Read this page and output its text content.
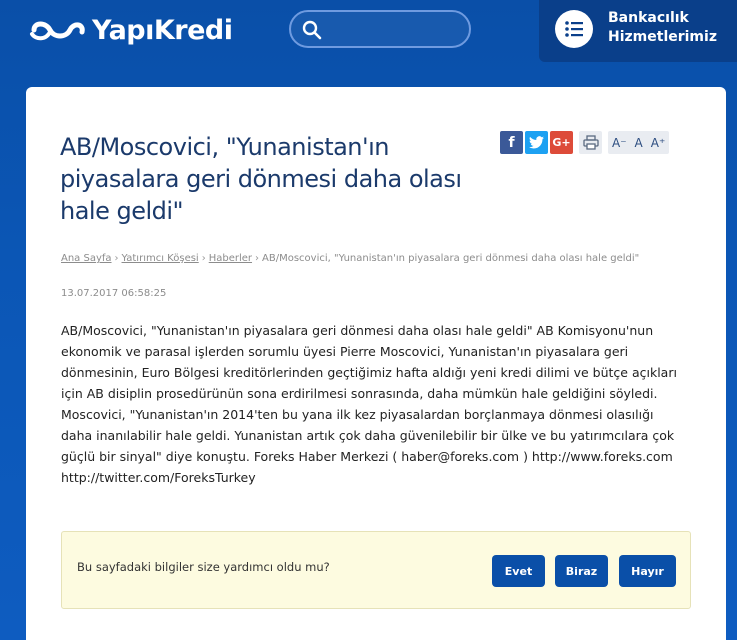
YapıKredi	Bankacılık
Hizmetlerimiz
AB/Moscovici, "Yunanistan'ın piyasalara geri dönmesi daha olası hale geldi"
f	G+	A⁻ A A⁺
Ana Sayfa › Yatırımcı Köşesi › Haberler › AB/Moscovici, "Yunanistan'ın piyasalara geri dönmesi daha olası hale geldi"
13.07.2017 06:58:25

AB/Moscovici, "Yunanistan'ın piyasalara geri dönmesi daha olası hale geldi" AB Komisyonu'nun ekonomik ve parasal işlerden sorumlu üyesi Pierre Moscovici, Yunanistan'ın piyasalara geri dönmesinin, Euro Bölgesi kreditörlerinden geçtiğimiz hafta aldığı yeni kredi dilimi ve bütçe açıkları için AB disiplin prosedürünün sona erdirilmesi sonrasında, daha mümkün hale geldiğini söyledi. Moscovici, "Yunanistan'ın 2014'ten bu yana ilk kez piyasalardan borçlanmaya dönmesi olasılığı daha inanılabilir hale geldi. Yunanistan artık çok daha güvenilebilir bir ülke ve bu yatırımcılara çok güçlü bir sinyal" diye konuştu. Foreks Haber Merkezi ( haber@foreks.com ) http://www.foreks.com http://twitter.com/ForeksTurkey

Bu sayfadaki bilgiler size yardımcı oldu mu?	Evet	Biraz	Hayır
